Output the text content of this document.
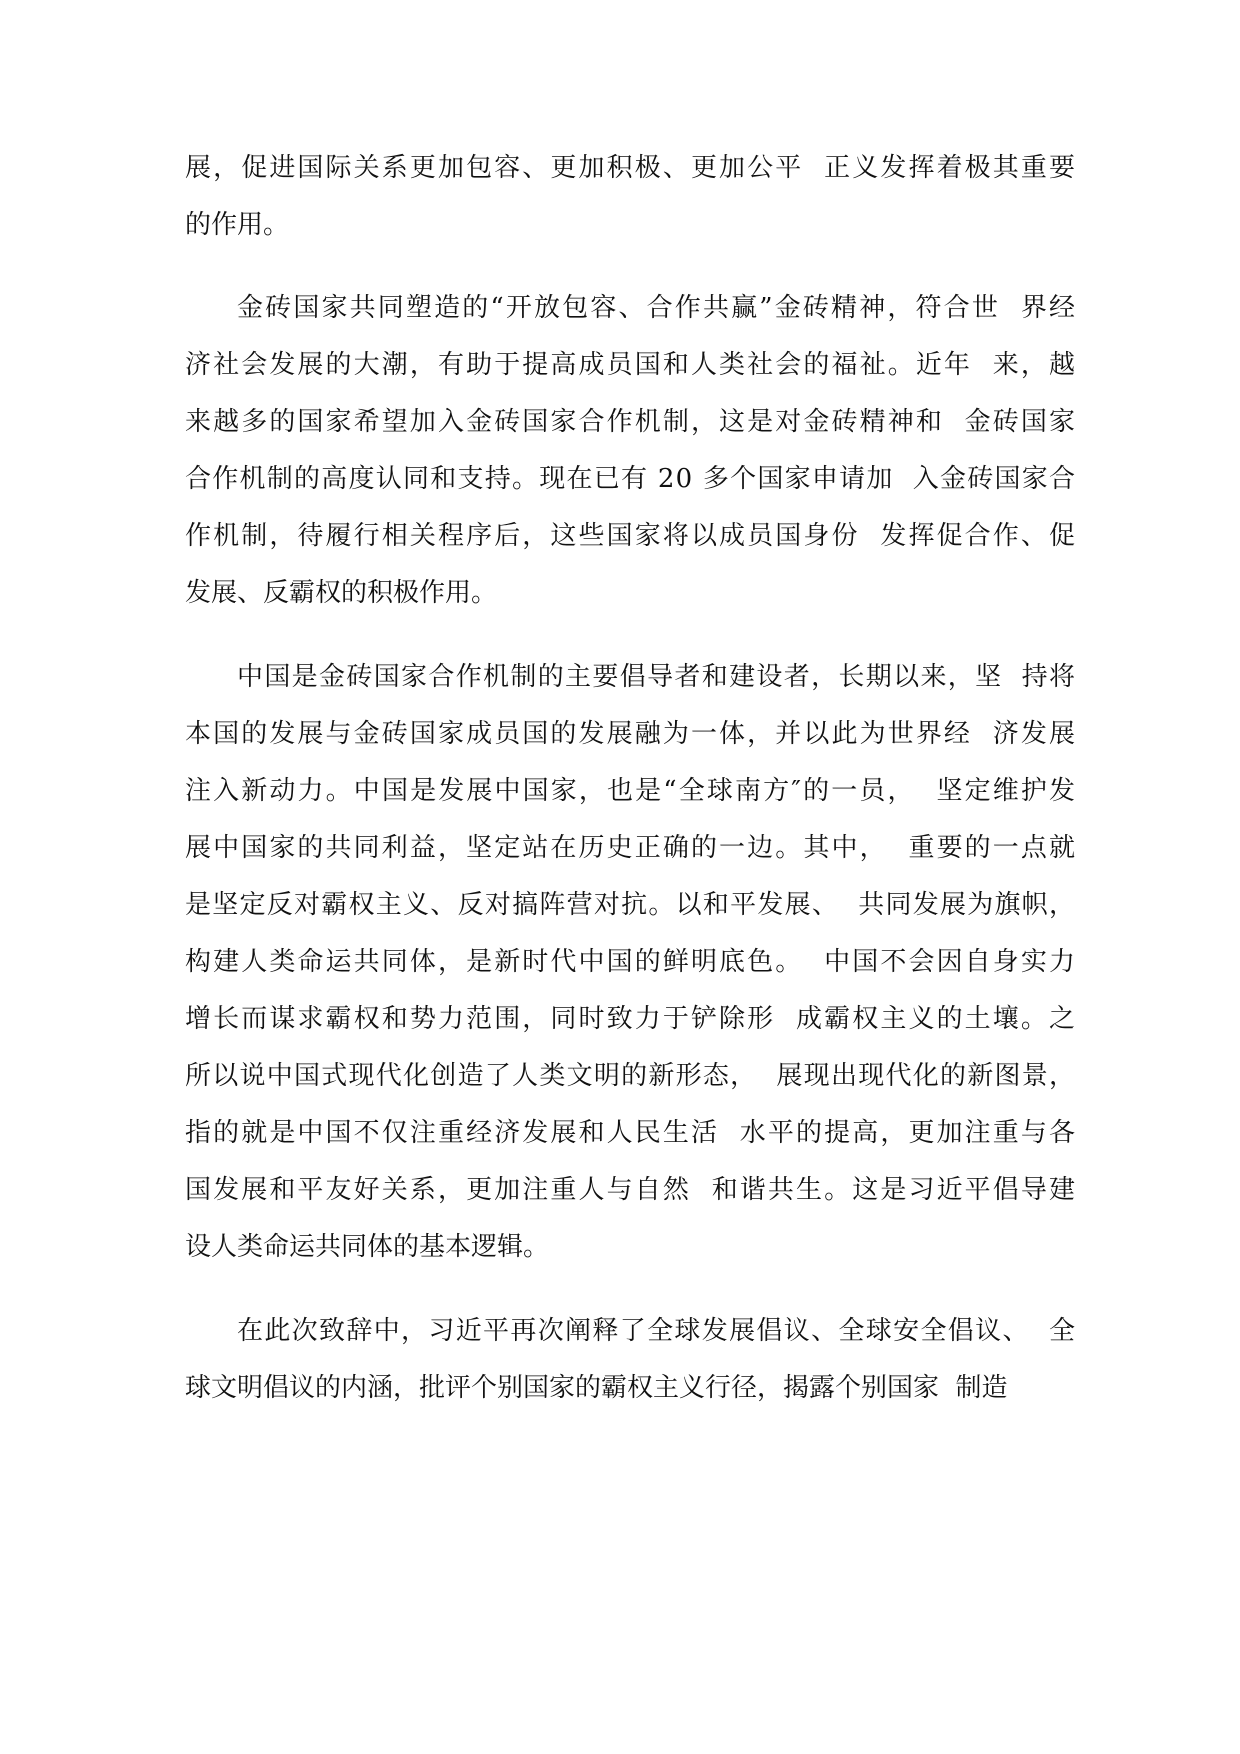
展，促进国际关系更加包容、更加积极、更加公平  正义发挥着极其重要
的作用。
金砖国家共同塑造的“开放包容、合作共赢”金砖精神，符合世  界经
济社会发展的大潮，有助于提高成员国和人类社会的福祉。近年  来，越
来越多的国家希望加入金砖国家合作机制，这是对金砖精神和  金砖国家
合作机制的高度认同和支持。现在已有 20 多个国家申请加  入金砖国家合
作机制，待履行相关程序后，这些国家将以成员国身份  发挥促合作、促
发展、反霸权的积极作用。
中国是金砖国家合作机制的主要倡导者和建设者，长期以来，坚  持将
本国的发展与金砖国家成员国的发展融为一体，并以此为世界经  济发展
注入新动力。中国是发展中国家，也是“全球南方″的一员，  坚定维护发
展中国家的共同利益，坚定站在历史正确的一边。其中，  重要的一点就
是坚定反对霸权主义、反对搞阵营对抗。以和平发展、  共同发展为旗帜，
构建人类命运共同体，是新时代中国的鲜明底色。  中国不会因自身实力
增长而谋求霸权和势力范围，同时致力于铲除形  成霸权主义的土壤。之
所以说中国式现代化创造了人类文明的新形态，  展现出现代化的新图景，
指的就是中国不仅注重经济发展和人民生活  水平的提高，更加注重与各
国发展和平友好关系，更加注重人与自然  和谐共生。这是习近平倡导建
设人类命运共同体的基本逻辑。
在此次致辞中，习近平再次阐释了全球发展倡议、全球安全倡议、  全
球文明倡议的内涵，批评个别国家的霸权主义行径，揭露个别国家  制造
